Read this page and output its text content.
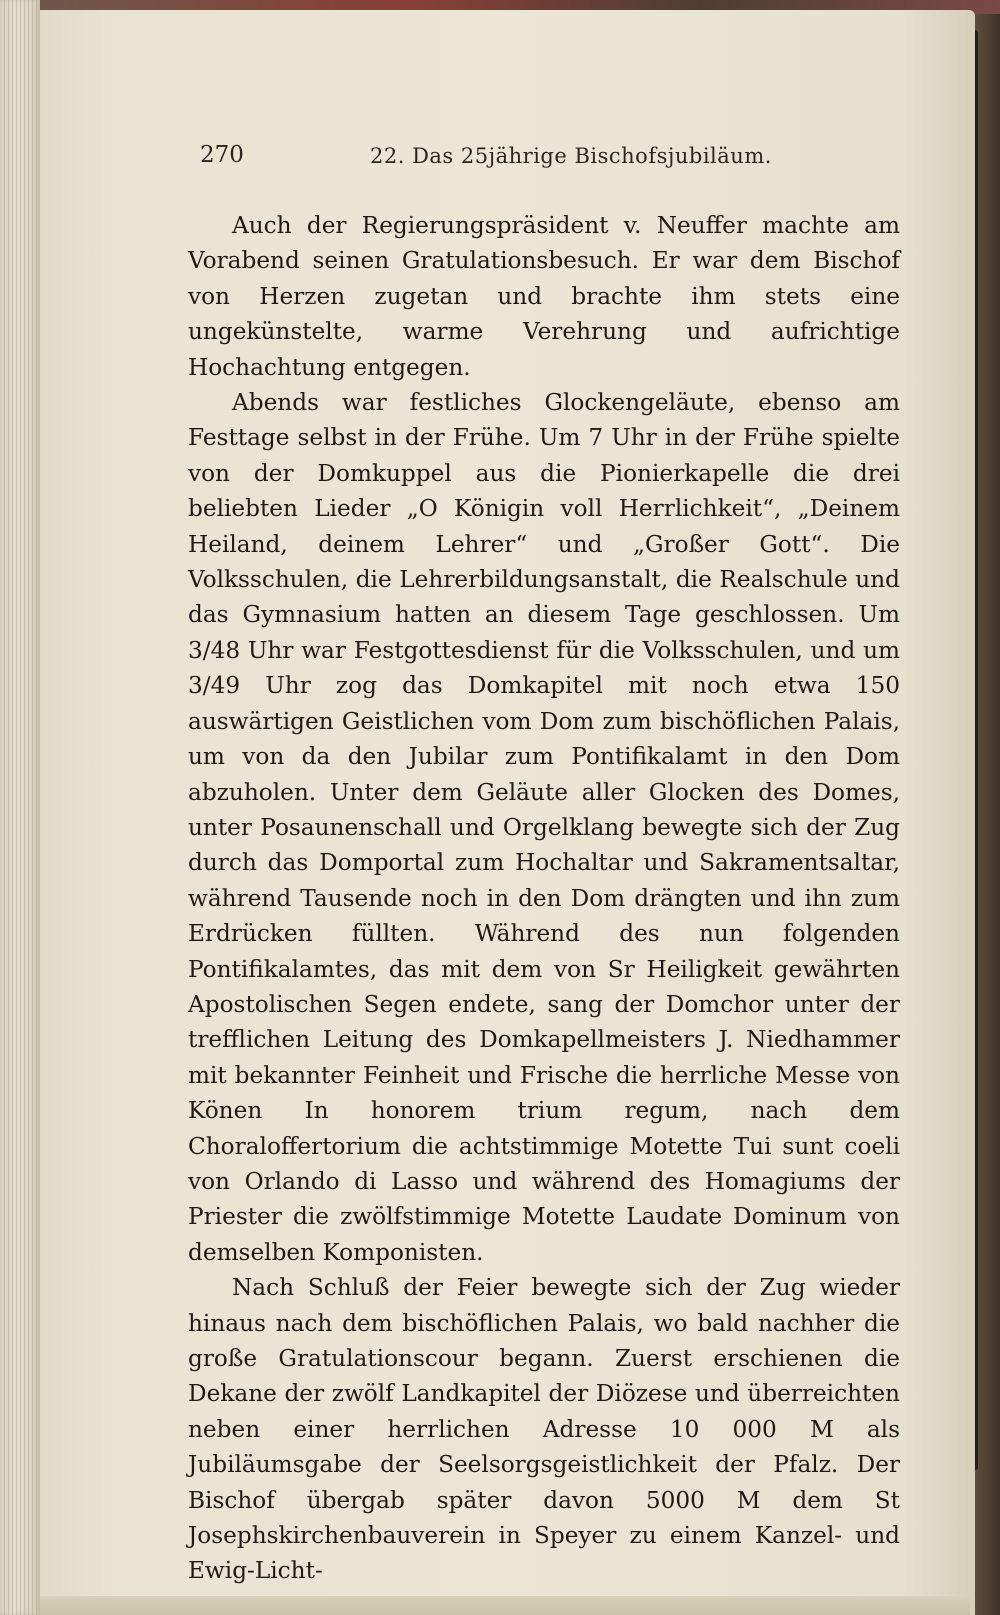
270	22. Das 25jährige Bischofsjubiläum.

Auch der Regierungspräsident v. Neuffer machte am Vorabend seinen Gratulationsbesuch. Er war dem Bischof von Herzen zugetan und brachte ihm stets eine ungekünstelte, warme Verehrung und aufrichtige Hochachtung entgegen.

Abends war festliches Glockengeläute, ebenso am Festtage selbst in der Frühe. Um 7 Uhr in der Frühe spielte von der Domkuppel aus die Pionierkapelle die drei beliebten Lieder „O Königin voll Herrlichkeit“, „Deinem Heiland, deinem Lehrer“ und „Großer Gott“. Die Volksschulen, die Lehrerbildungsanstalt, die Realschule und das Gymnasium hatten an diesem Tage geschlossen. Um 3/48 Uhr war Festgottesdienst für die Volksschulen, und um 3/49 Uhr zog das Domkapitel mit noch etwa 150 auswärtigen Geistlichen vom Dom zum bischöflichen Palais, um von da den Jubilar zum Pontifikalamt in den Dom abzuholen. Unter dem Geläute aller Glocken des Domes, unter Posaunenschall und Orgelklang bewegte sich der Zug durch das Domportal zum Hochaltar und Sakramentsaltar, während Tausende noch in den Dom drängten und ihn zum Erdrücken füllten. Während des nun folgenden Pontifikalamtes, das mit dem von Sr Heiligkeit gewährten Apostolischen Segen endete, sang der Domchor unter der trefflichen Leitung des Domkapellmeisters J. Niedhammer mit bekannter Feinheit und Frische die herrliche Messe von Könen In honorem trium regum, nach dem Choraloffertorium die achtstimmige Motette Tui sunt coeli von Orlando di Lasso und während des Homagiums der Priester die zwölfstimmige Motette Laudate Dominum von demselben Komponisten.

Nach Schluß der Feier bewegte sich der Zug wieder hinaus nach dem bischöflichen Palais, wo bald nachher die große Gratulationscour begann. Zuerst erschienen die Dekane der zwölf Landkapitel der Diözese und überreichten neben einer herrlichen Adresse 10 000 M als Jubiläumsgabe der Seelsorgsgeistlichkeit der Pfalz. Der Bischof übergab später davon 5000 M dem St Josephskirchenbauverein in Speyer zu einem Kanzel- und Ewig-Licht-
